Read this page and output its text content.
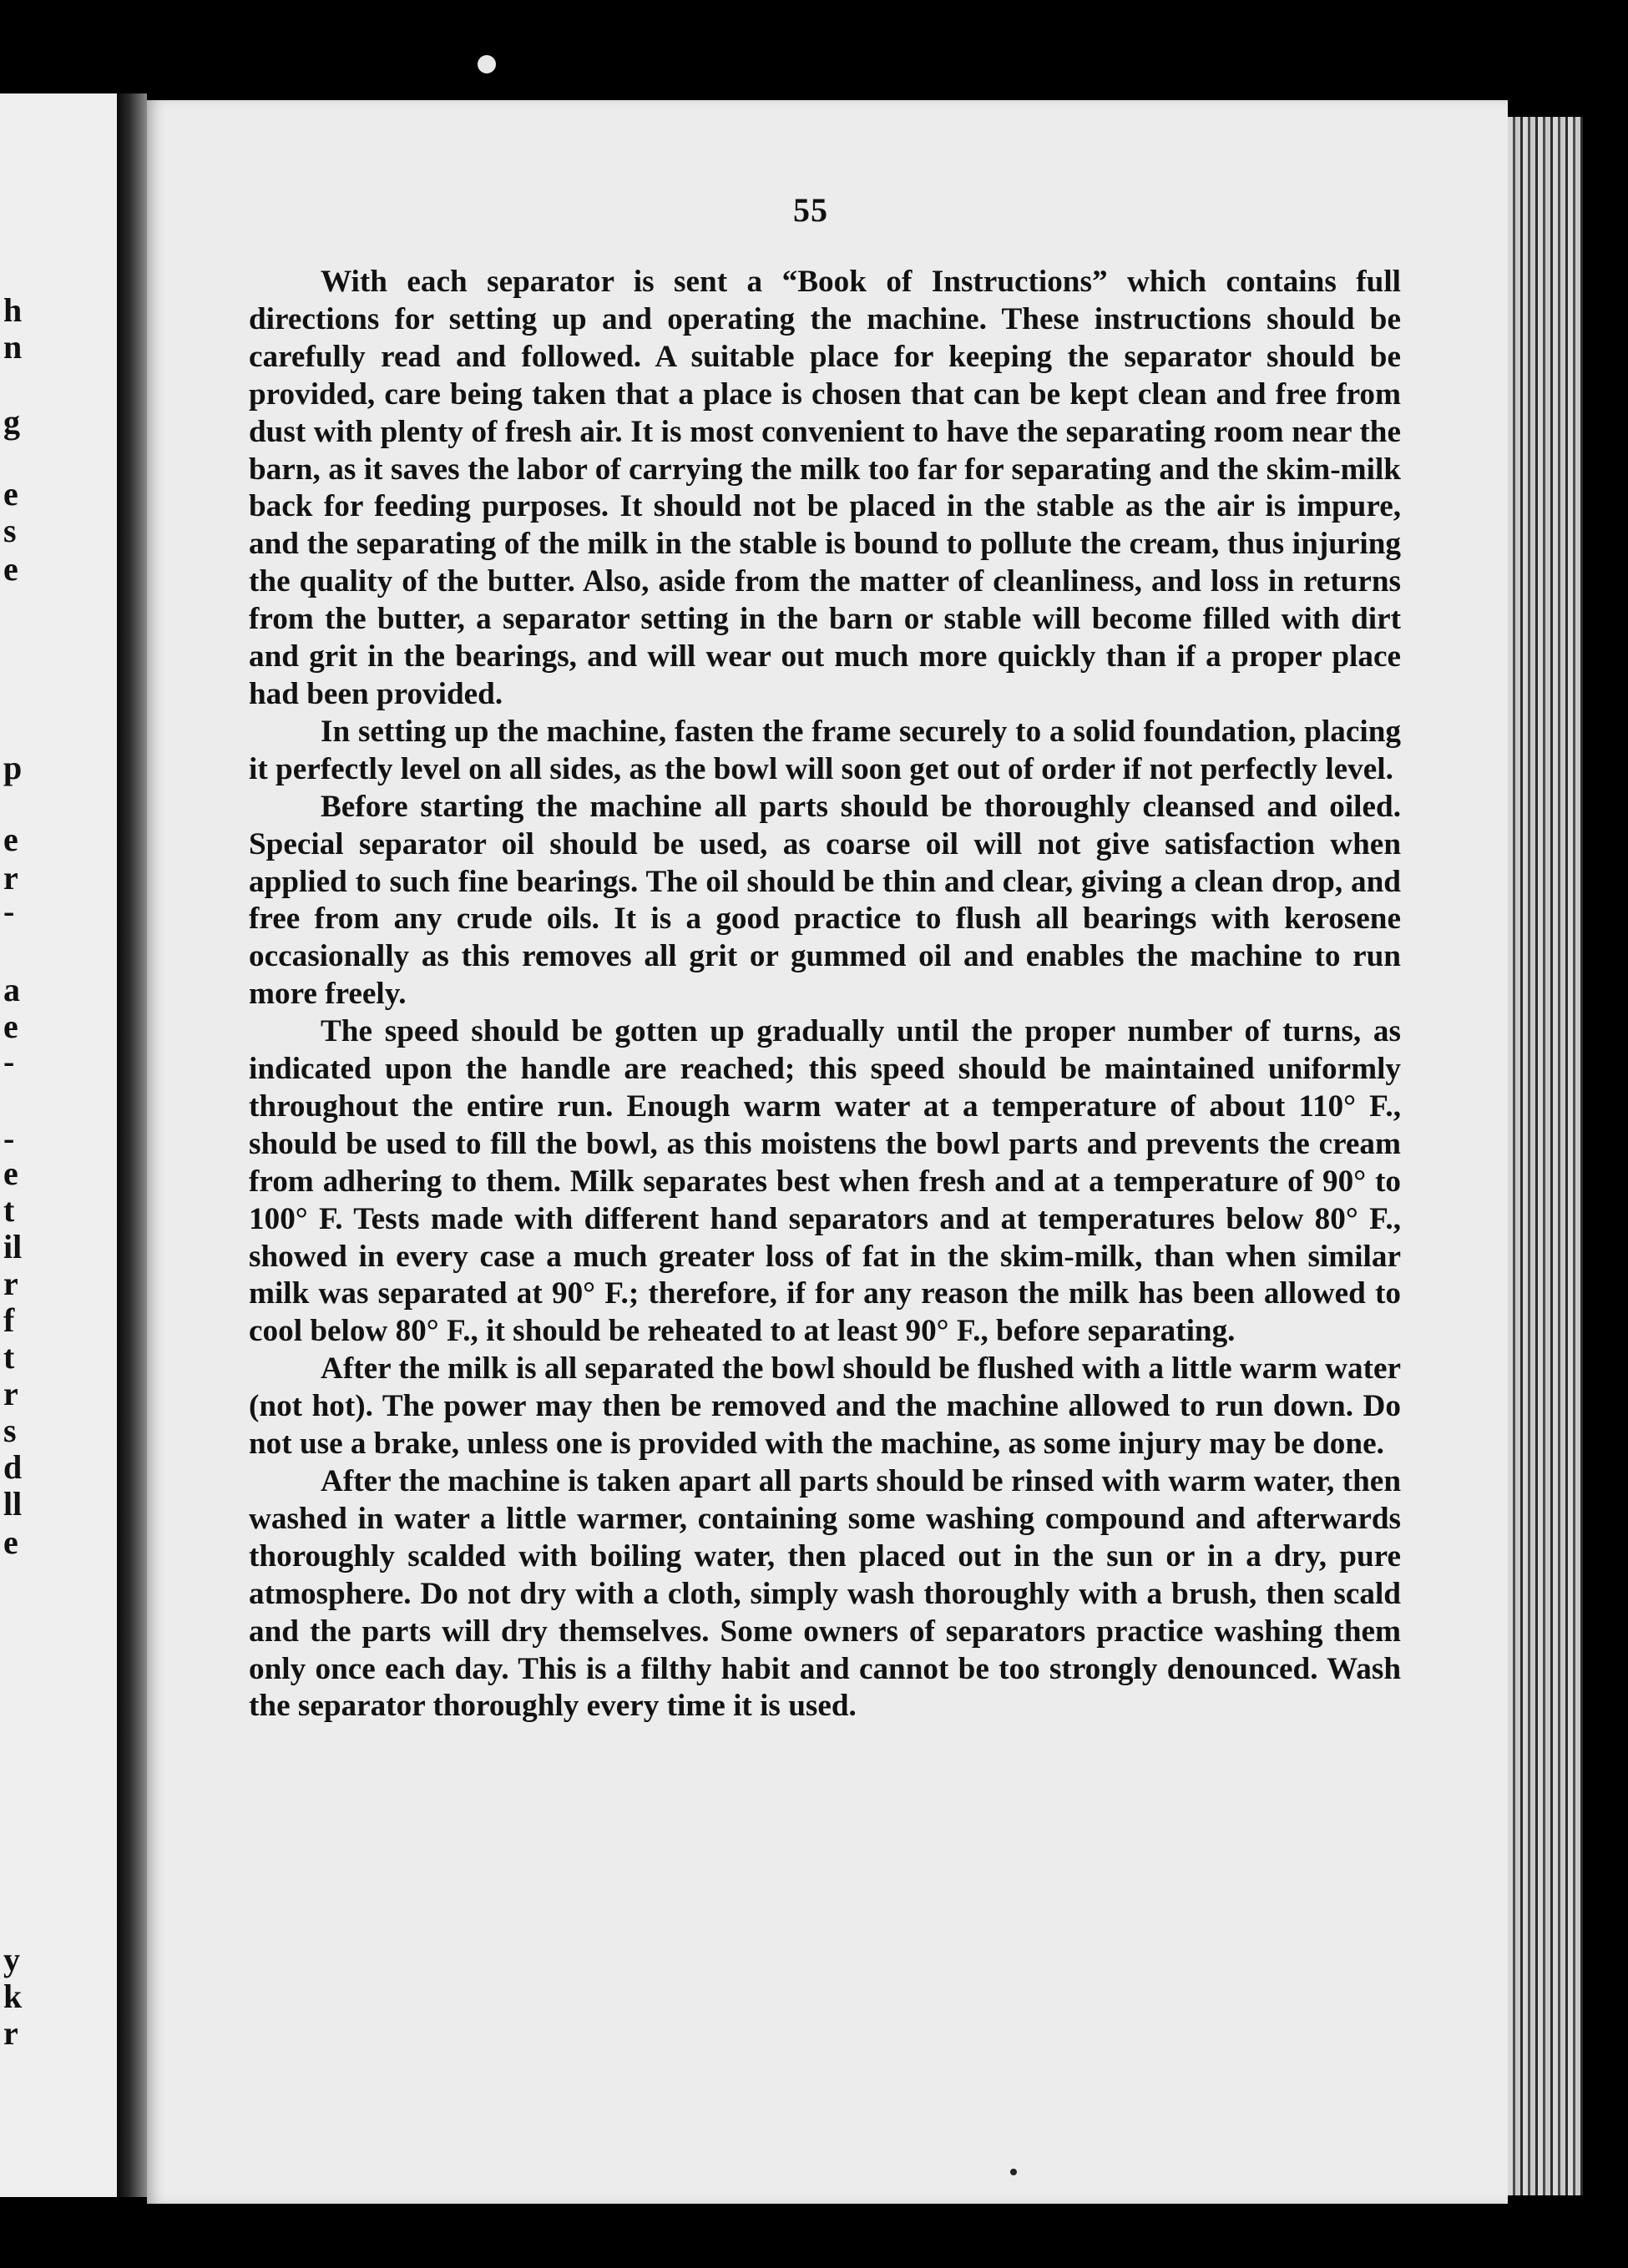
h
n
g
e
s
e
p
e
r
-
a
e
-
-
e
t
il
r
f
t
r
s
d
ll
e
y
k
r
55

With each separator is sent a “Book of Instructions” which contains full directions for setting up and operating the machine. These instructions should be carefully read and followed. A suitable place for keeping the separator should be provided, care being taken that a place is chosen that can be kept clean and free from dust with plenty of fresh air. It is most convenient to have the separating room near the barn, as it saves the labor of carrying the milk too far for separating and the skim-milk back for feeding purposes. It should not be placed in the stable as the air is impure, and the separating of the milk in the stable is bound to pollute the cream, thus injuring the quality of the butter. Also, aside from the matter of cleanliness, and loss in returns from the butter, a separator setting in the barn or stable will become filled with dirt and grit in the bearings, and will wear out much more quickly than if a proper place had been provided.

In setting up the machine, fasten the frame securely to a solid foundation, placing it perfectly level on all sides, as the bowl will soon get out of order if not perfectly level.

Before starting the machine all parts should be thoroughly cleansed and oiled. Special separator oil should be used, as coarse oil will not give satisfaction when applied to such fine bearings. The oil should be thin and clear, giving a clean drop, and free from any crude oils. It is a good practice to flush all bearings with kerosene occasionally as this removes all grit or gummed oil and enables the machine to run more freely.

The speed should be gotten up gradually until the proper number of turns, as indicated upon the handle are reached; this speed should be maintained uniformly throughout the entire run. Enough warm water at a temperature of about 110° F., should be used to fill the bowl, as this moistens the bowl parts and prevents the cream from adhering to them. Milk separates best when fresh and at a temperature of 90° to 100° F. Tests made with different hand separators and at temperatures below 80° F., showed in every case a much greater loss of fat in the skim-milk, than when similar milk was separated at 90° F.; therefore, if for any reason the milk has been allowed to cool below 80° F., it should be reheated to at least 90° F., before separating.

After the milk is all separated the bowl should be flushed with a little warm water (not hot). The power may then be removed and the machine allowed to run down. Do not use a brake, unless one is provided with the machine, as some injury may be done.

After the machine is taken apart all parts should be rinsed with warm water, then washed in water a little warmer, containing some washing compound and afterwards thoroughly scalded with boiling water, then placed out in the sun or in a dry, pure atmosphere. Do not dry with a cloth, simply wash thoroughly with a brush, then scald and the parts will dry themselves. Some owners of separators practice washing them only once each day. This is a filthy habit and cannot be too strongly denounced. Wash the separator thoroughly every time it is used.
